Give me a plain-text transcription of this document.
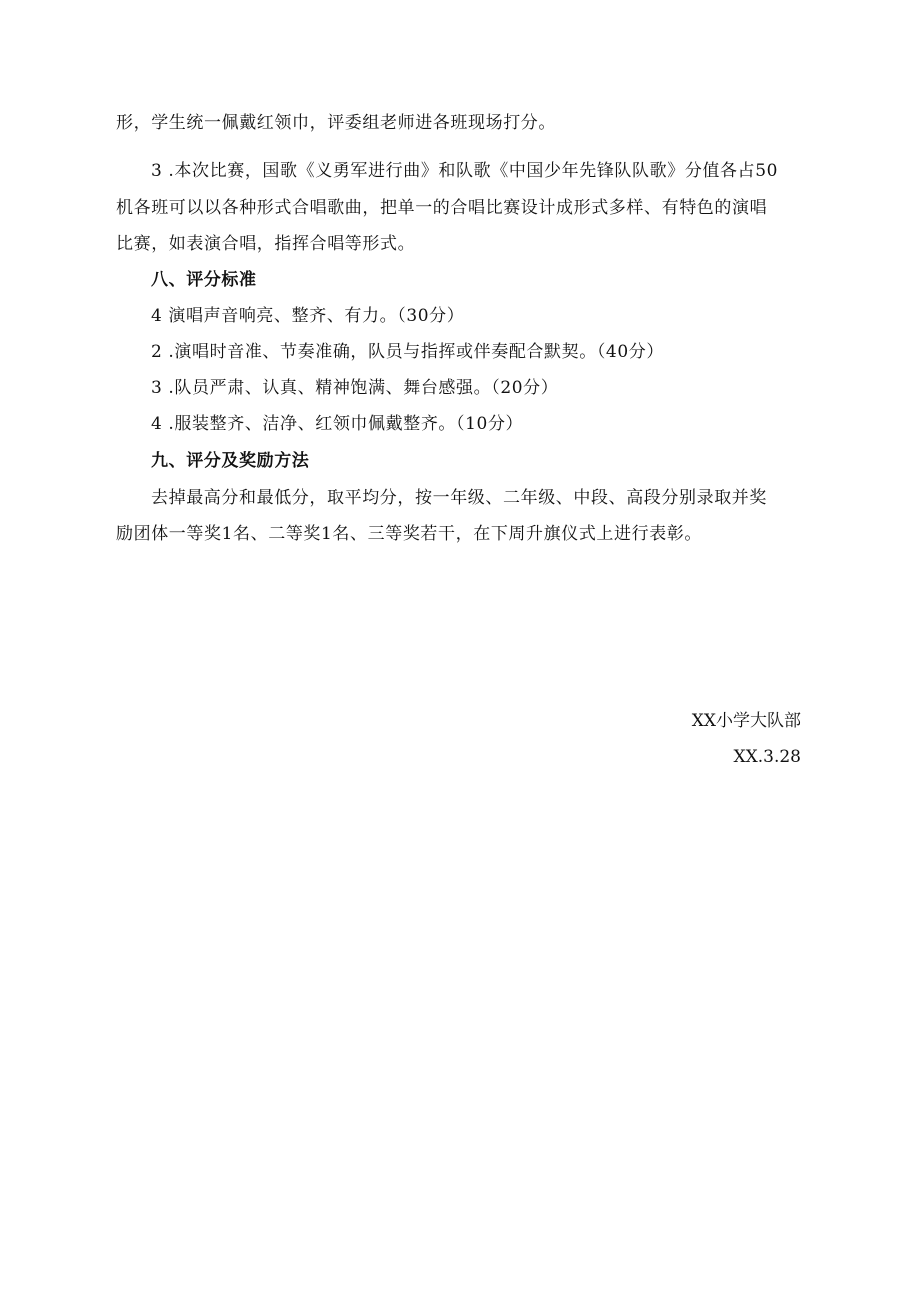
形，学生统一佩戴红领巾，评委组老师进各班现场打分。
3 .本次比赛，国歌《义勇军进行曲》和队歌《中国少年先锋队队歌》分值各占50
机各班可以以各种形式合唱歌曲，把单一的合唱比赛设计成形式多样、有特色的演唱
比赛，如表演合唱，指挥合唱等形式。
八、评分标准
4 演唱声音响亮、整齐、有力。（30分）
2 .演唱时音准、节奏准确，队员与指挥或伴奏配合默契。（40分）
3 .队员严肃、认真、精神饱满、舞台感强。（20分）
4 .服装整齐、洁净、红领巾佩戴整齐。（10分）
九、评分及奖励方法
去掉最高分和最低分，取平均分，按一年级、二年级、中段、高段分别录取并奖
励团体一等奖1名、二等奖1名、三等奖若干，在下周升旗仪式上进行表彰。
XX小学大队部
XX.3.28
